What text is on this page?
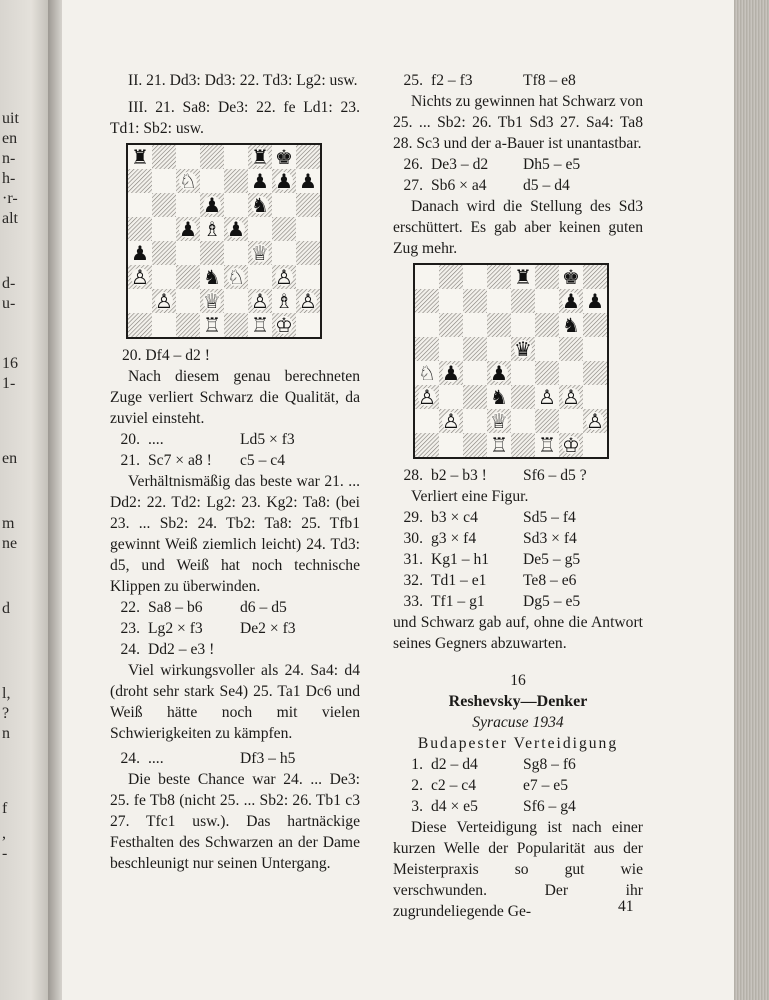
uit
en
n-
h-
·r-
alt
d-
u-
16
1-
en
m
ne
d
l,
?
n
f
,
-

II. 21. Dd3: Dd3: 22. Td3: Lg2: usw.

III. 21. Sa8: De3: 22. fe Ld1: 23. Td1: Sb2: usw.

♜	♜ ♚
♘	♟ ♟ ♟
♟ ♞
♟ ♗ ♟
♟	♕
♙	♞ ♘ ♙
♙ ♕ ♙ ♗ ♙
♖ ♖ ♔

20. Df4 – d2 !

Nach diesem genau berechneten Zuge verliert Schwarz die Qualität, da zuviel einsteht.

20. ....	Ld5 × f3
21. Sc7 × a8 !	c5 – c4

Verhältnismäßig das beste war 21. ... Dd2: 22. Td2: Lg2: 23. Kg2: Ta8: (bei 23. ... Sb2: 24. Tb2: Ta8: 25. Tfb1 gewinnt Weiß ziemlich leicht) 24. Td3: d5, und Weiß hat noch technische Klippen zu überwinden.

22. Sa8 – b6	d6 – d5
23. Lg2 × f3	De2 × f3
24. Dd2 – e3 !

Viel wirkungsvoller als 24. Sa4: d4 (droht sehr stark Se4) 25. Ta1 Dc6 und Weiß hätte noch mit vielen Schwierigkeiten zu kämpfen.

24. ....	Df3 – h5

Die beste Chance war 24. ... De3: 25. fe Tb8 (nicht 25. ... Sb2: 26. Tb1 c3 27. Tfc1 usw.). Das hartnäckige Festhalten des Schwarzen an der Dame beschleunigt nur seinen Untergang.

25. f2 – f3	Tf8 – e8

Nichts zu gewinnen hat Schwarz von 25. ... Sb2: 26. Tb1 Sd3 27. Sa4: Ta8 28. Sc3 und der a-Bauer ist unantastbar.

26. De3 – d2	Dh5 – e5
27. Sb6 × a4	d5 – d4

Danach wird die Stellung des Sd3 erschüttert. Es gab aber keinen guten Zug mehr.

♜ ♚
♟ ♟
♞
♛
♘ ♟ ♟
♙	♞ ♙ ♙
♙ ♕	♙
♖ ♖ ♔
28. b2 – b3 !	Sf6 – d5 ?

Verliert eine Figur.

29. b3 × c4	Sd5 – f4
30. g3 × f4	Sd3 × f4
31. Kg1 – h1	De5 – g5
32. Td1 – e1	Te8 – e6
33. Tf1 – g1	Dg5 – e5

und Schwarz gab auf, ohne die Antwort seines Gegners abzuwarten.

16

Reshevsky—Denker

Syracuse 1934

Budapester Verteidigung

1. d2 – d4	Sg8 – f6
2. c2 – c4	e7 – e5
3. d4 × e5	Sf6 – g4

Diese Verteidigung ist nach einer kurzen Welle der Popularität aus der Meisterpraxis so gut wie verschwunden. Der ihr zugrundeliegende Ge-	41
